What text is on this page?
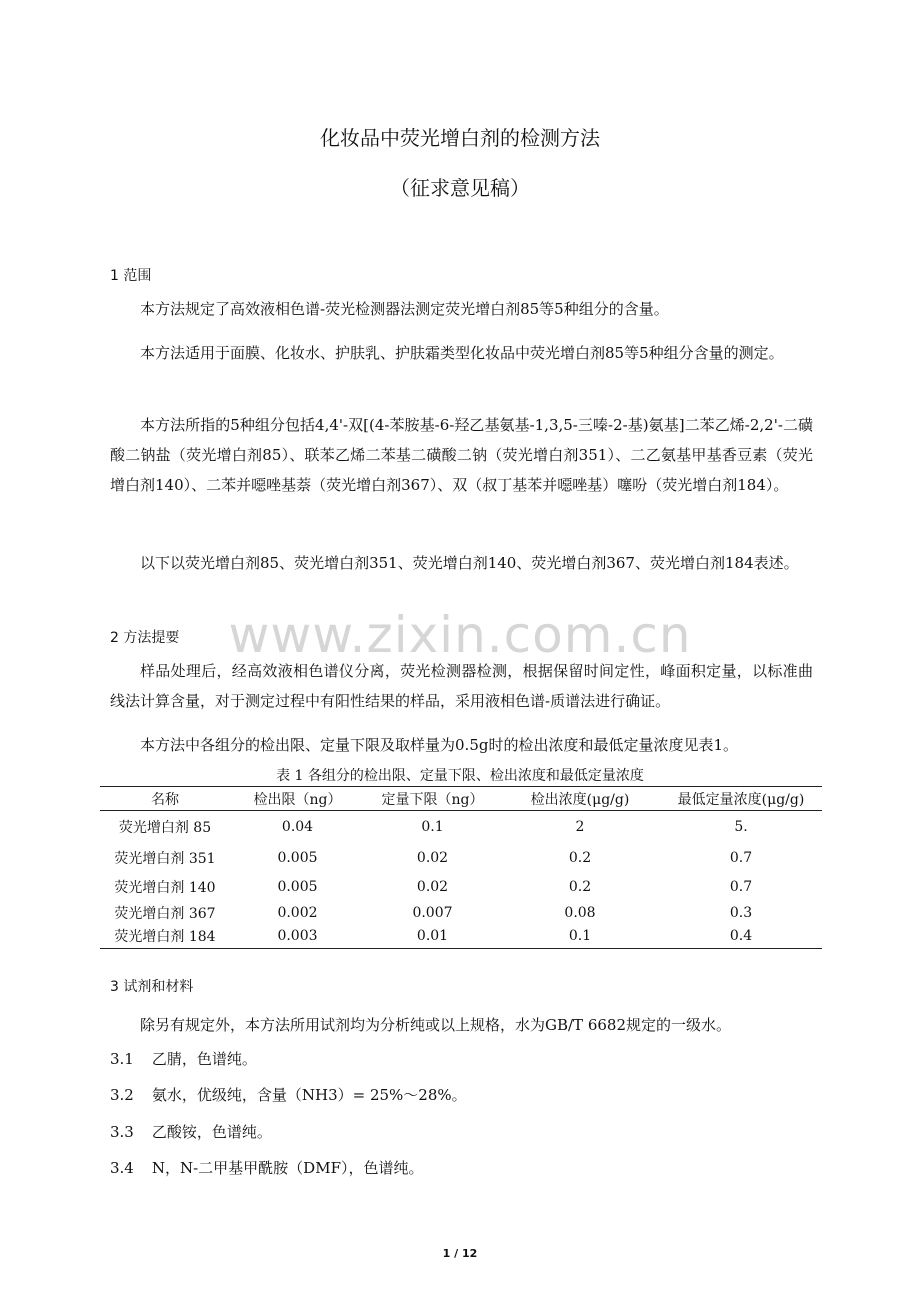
化妆品中荧光增白剂的检测方法
（征求意见稿）
1 范围

本方法规定了高效液相色谱-荧光检测器法测定荧光增白剂85等5种组分的含量。

本方法适用于面膜、化妆水、护肤乳、护肤霜类型化妆品中荧光增白剂85等5种组分含量的测定。

本方法所指的5种组分包括4,4'-双[(4-苯胺基-6-羟乙基氨基-1,3,5-三嗪-2-基)氨基]二苯乙烯-2,2'-二磺酸二钠盐（荧光增白剂85）、联苯乙烯二苯基二磺酸二钠（荧光增白剂351）、二乙氨基甲基香豆素（荧光增白剂140）、二苯并噁唑基萘（荧光增白剂367）、双（叔丁基苯并噁唑基）噻吩（荧光增白剂184）。

以下以荧光增白剂85、荧光增白剂351、荧光增白剂140、荧光增白剂367、荧光增白剂184表述。

www.zixin.com.cn
2 方法提要

样品处理后，经高效液相色谱仪分离，荧光检测器检测，根据保留时间定性，峰面积定量，以标准曲线法计算含量，对于测定过程中有阳性结果的样品，采用液相色谱-质谱法进行确证。

本方法中各组分的检出限、定量下限及取样量为0.5g时的检出浓度和最低定量浓度见表1。

表 1 各组分的检出限、定量下限、检出浓度和最低定量浓度
名称	检出限（ng）	定量下限（ng）	检出浓度(μg/g)	最低定量浓度(μg/g)
荧光增白剂 85	0.04	0.1	2	5.
荧光增白剂 351	0.005	0.02	0.2	0.7
荧光增白剂 140	0.005	0.02	0.2	0.7
荧光增白剂 367	0.002	0.007	0.08	0.3
荧光增白剂 184	0.003	0.01	0.1	0.4
3 试剂和材料
除另有规定外，本方法所用试剂均为分析纯或以上规格，水为GB/T 6682规定的一级水。
3.1 乙腈，色谱纯。
3.2 氨水，优级纯，含量（NH3）= 25%～28%。
3.3 乙酸铵，色谱纯。
3.4 N，N-二甲基甲酰胺（DMF），色谱纯。
1 / 12
